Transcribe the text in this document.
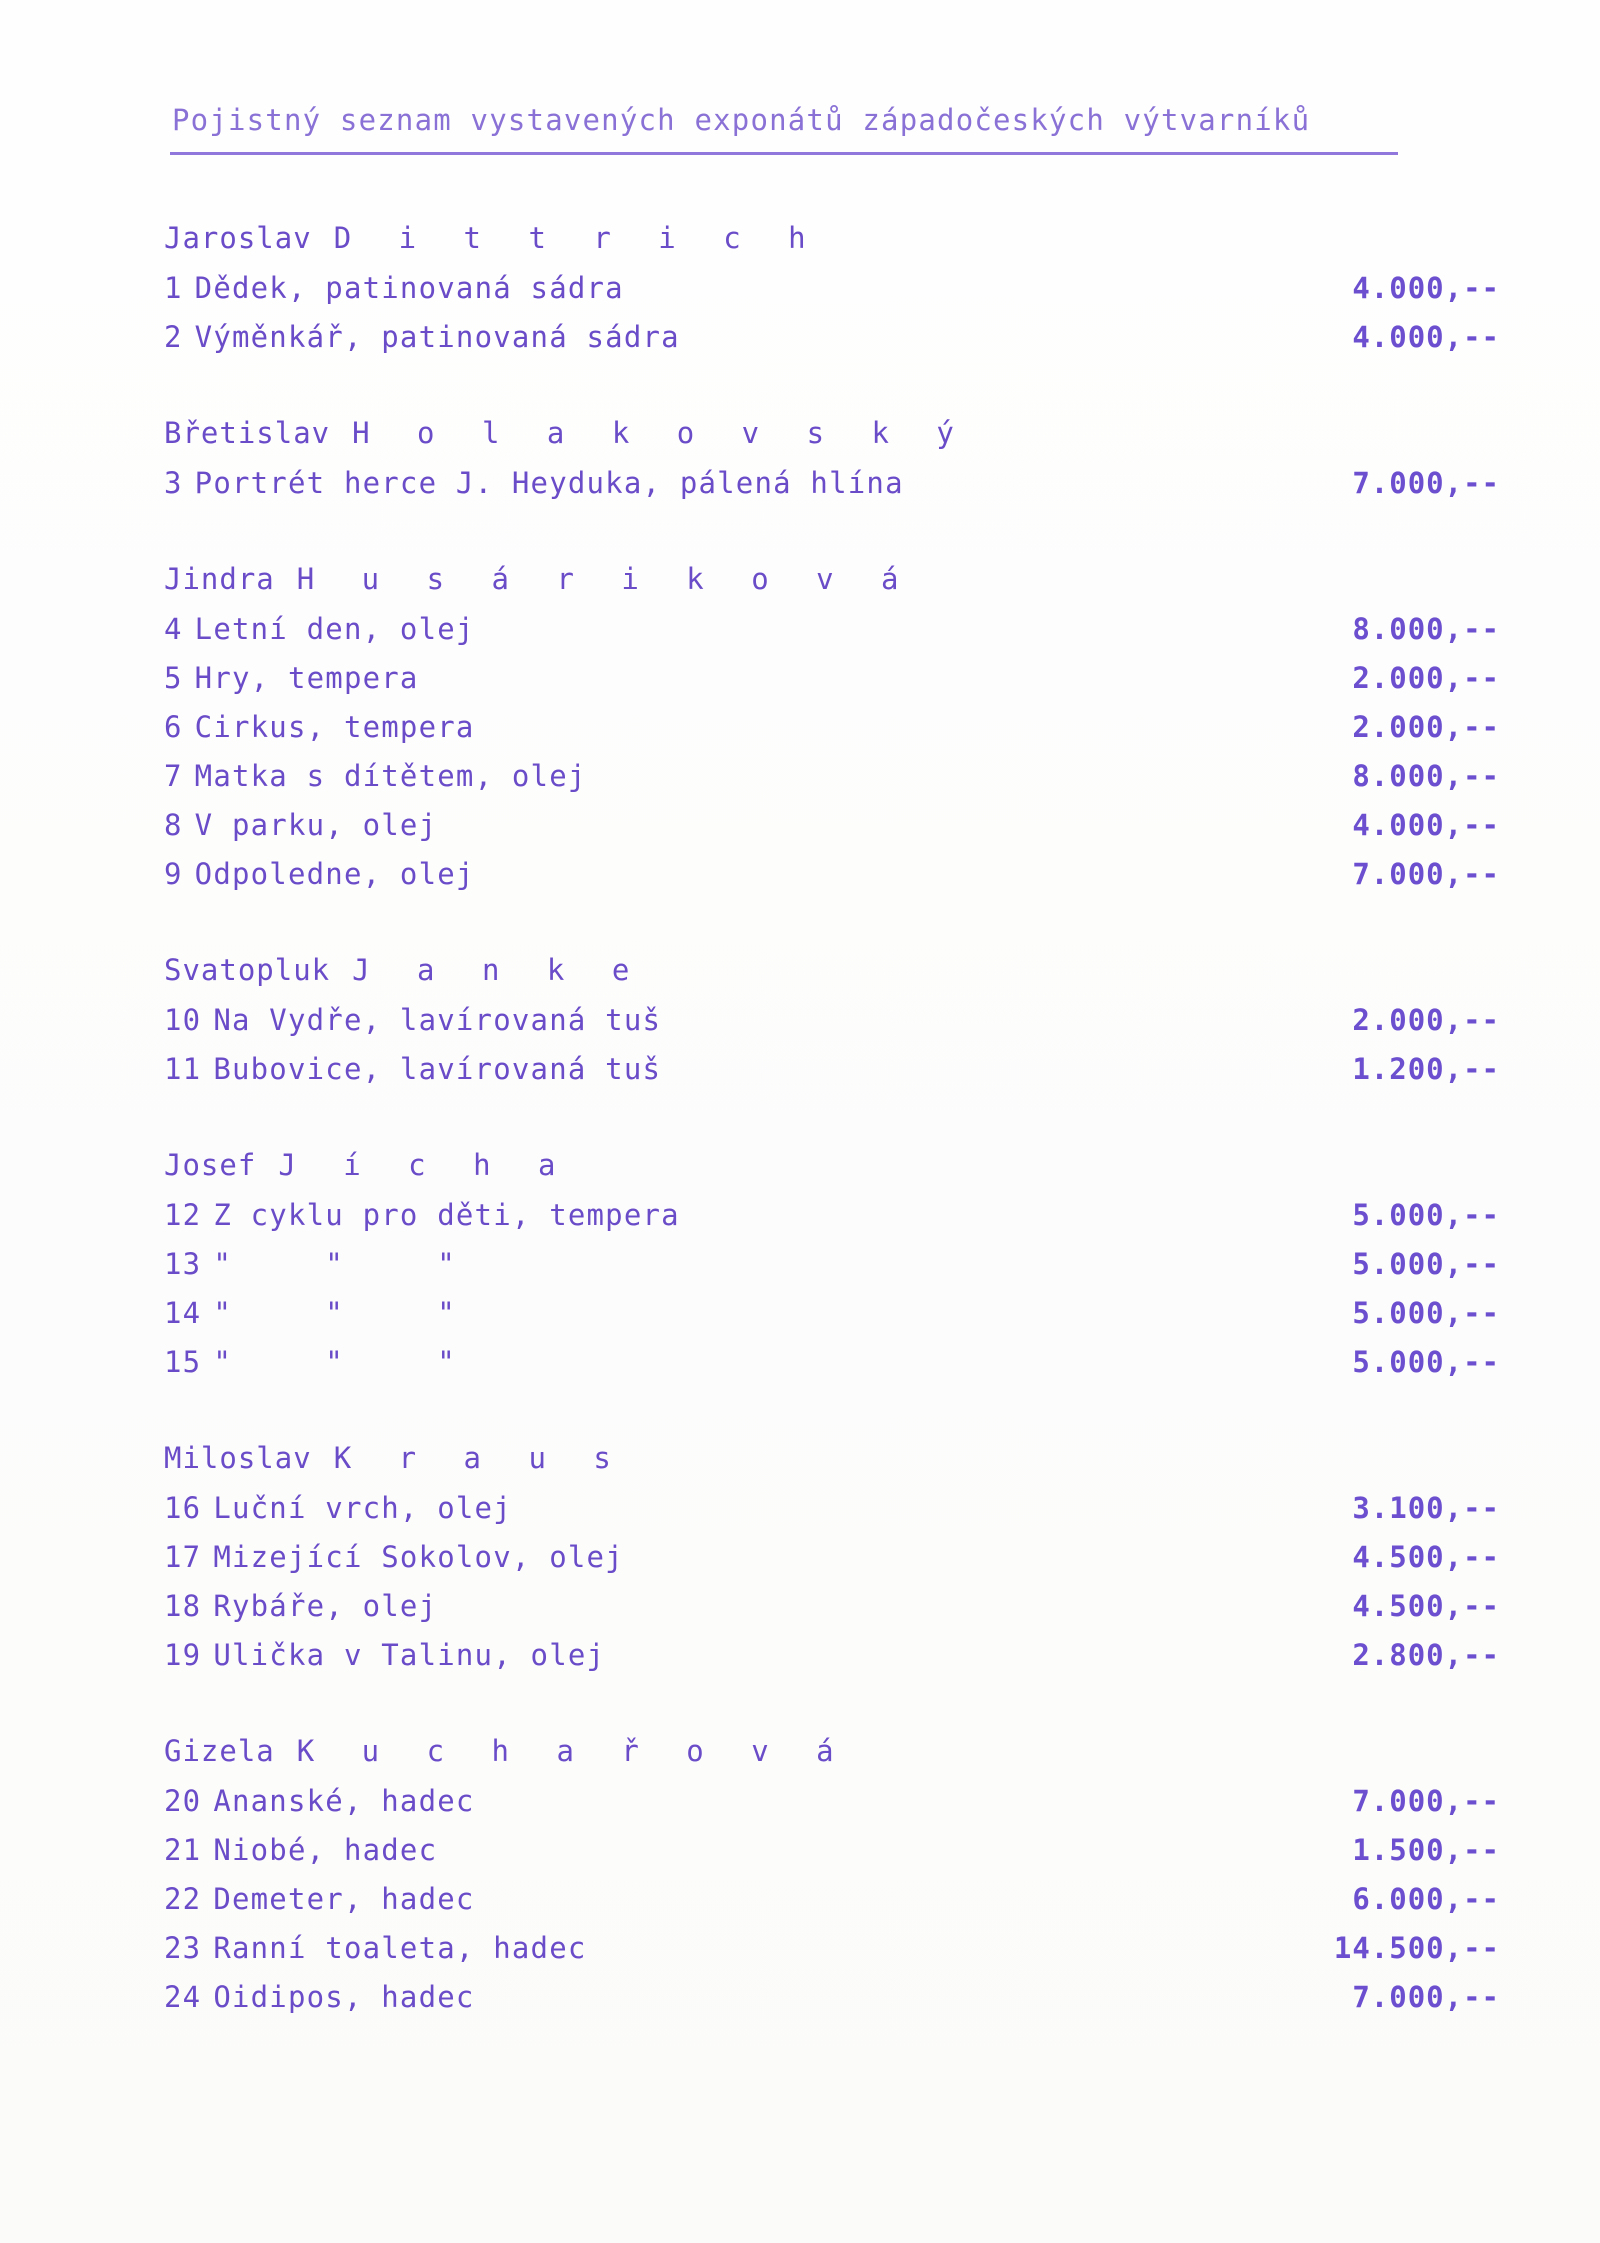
Pojistný seznam vystavených exponátů západočeských výtvarníků
Jaroslav D i t t r i c h
1 Dědek, patinovaná sádra	4.000,--
2 Výměnkář, patinovaná sádra	4.000,--
Břetislav H o l a k o v s k ý
3 Portrét herce J. Heyduka, pálená hlína	7.000,--
Jindra H u s á r i k o v á
4 Letní den, olej	8.000,--
5 Hry, tempera	2.000,--
6 Cirkus, tempera	2.000,--
7 Matka s dítětem, olej	8.000,--
8 V parku, olej	4.000,--
9 Odpoledne, olej	7.000,--
Svatopluk J a n k e
10 Na Vydře, lavírovaná tuš	2.000,--
11 Bubovice, lavírovaná tuš	1.200,--
Josef J í c h a
12 Z cyklu pro děti, tempera	5.000,--
13 "     "     "	5.000,--
14 "     "     "	5.000,--
15 "     "     "	5.000,--
Miloslav K r a u s
16 Luční vrch, olej	3.100,--
17 Mizející Sokolov, olej	4.500,--
18 Rybáře, olej	4.500,--
19 Ulička v Talinu, olej	2.800,--
Gizela K u c h a ř o v á
20 Ananské, hadec	7.000,--
21 Niobé, hadec	1.500,--
22 Demeter, hadec	6.000,--
23 Ranní toaleta, hadec	14.500,--
24 Oidipos, hadec	7.000,--
